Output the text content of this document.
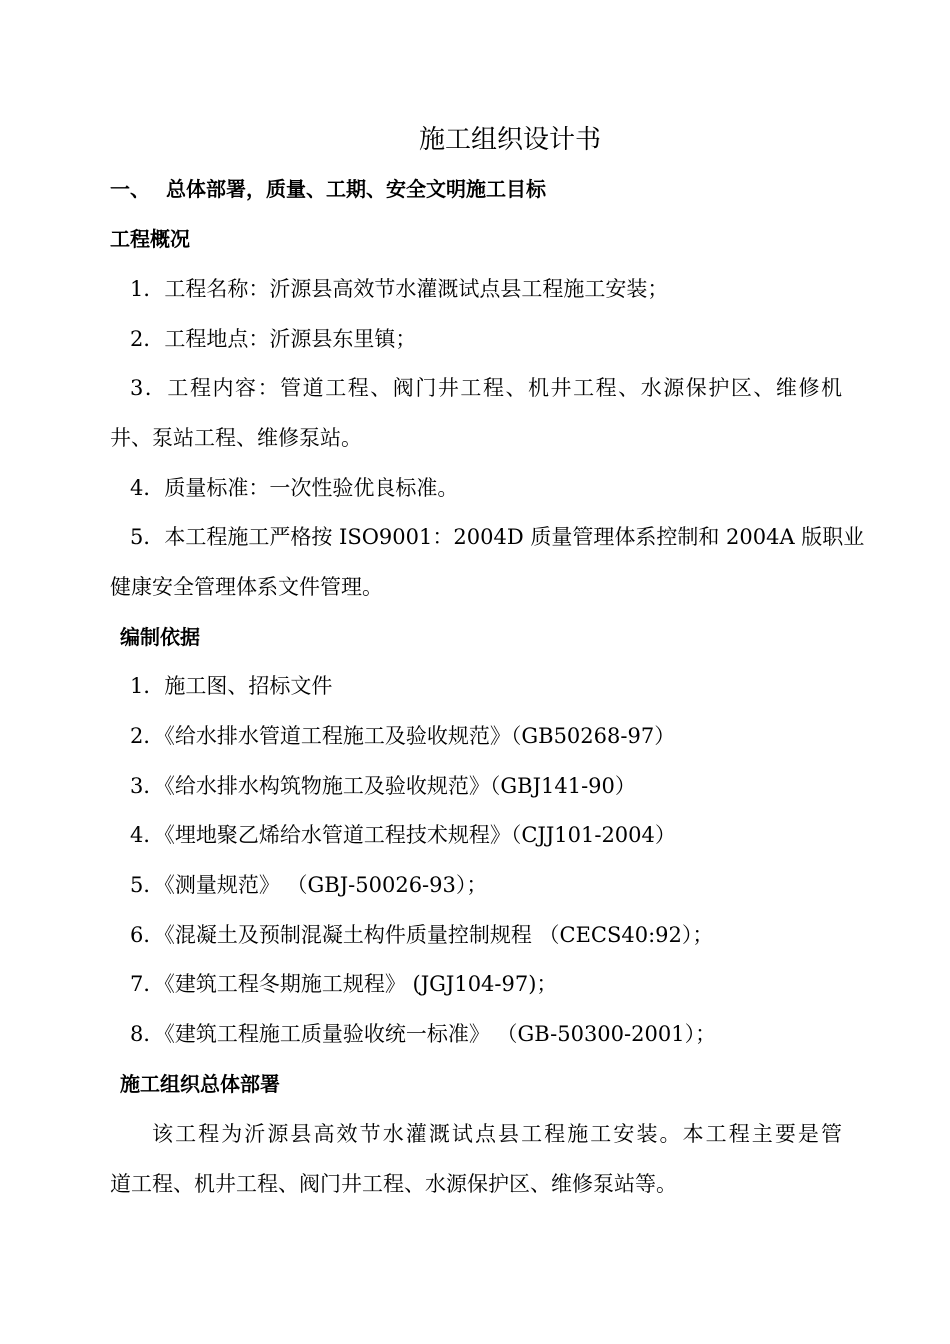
施工组织设计书
一、 总体部署，质量、工期、安全文明施工目标
工程概况
1．工程名称：沂源县高效节水灌溉试点县工程施工安装；
2．工程地点：沂源县东里镇；
3．工程内容：管道工程、阀门井工程、机井工程、水源保护区、维修机
井、泵站工程、维修泵站。
4．质量标准：一次性验优良标准。
5．本工程施工严格按 ISO9001：2004D 质量管理体系控制和 2004A 版职业
健康安全管理体系文件管理。
编制依据
1．施工图、招标文件
2．《给水排水管道工程施工及验收规范》（GB50268-97）
3．《给水排水构筑物施工及验收规范》（GBJ141-90）
4．《埋地聚乙烯给水管道工程技术规程》（CJJ101-2004）
5．《测量规范》 （GBJ-50026-93）；
6．《混凝土及预制混凝土构件质量控制规程 （CECS40:92）；
7．《建筑工程冬期施工规程》 (JGJ104-97)；
8．《建筑工程施工质量验收统一标准》 （GB-50300-2001）；
施工组织总体部署
该工程为沂源县高效节水灌溉试点县工程施工安装。本工程主要是管
道工程、机井工程、阀门井工程、水源保护区、维修泵站等。
